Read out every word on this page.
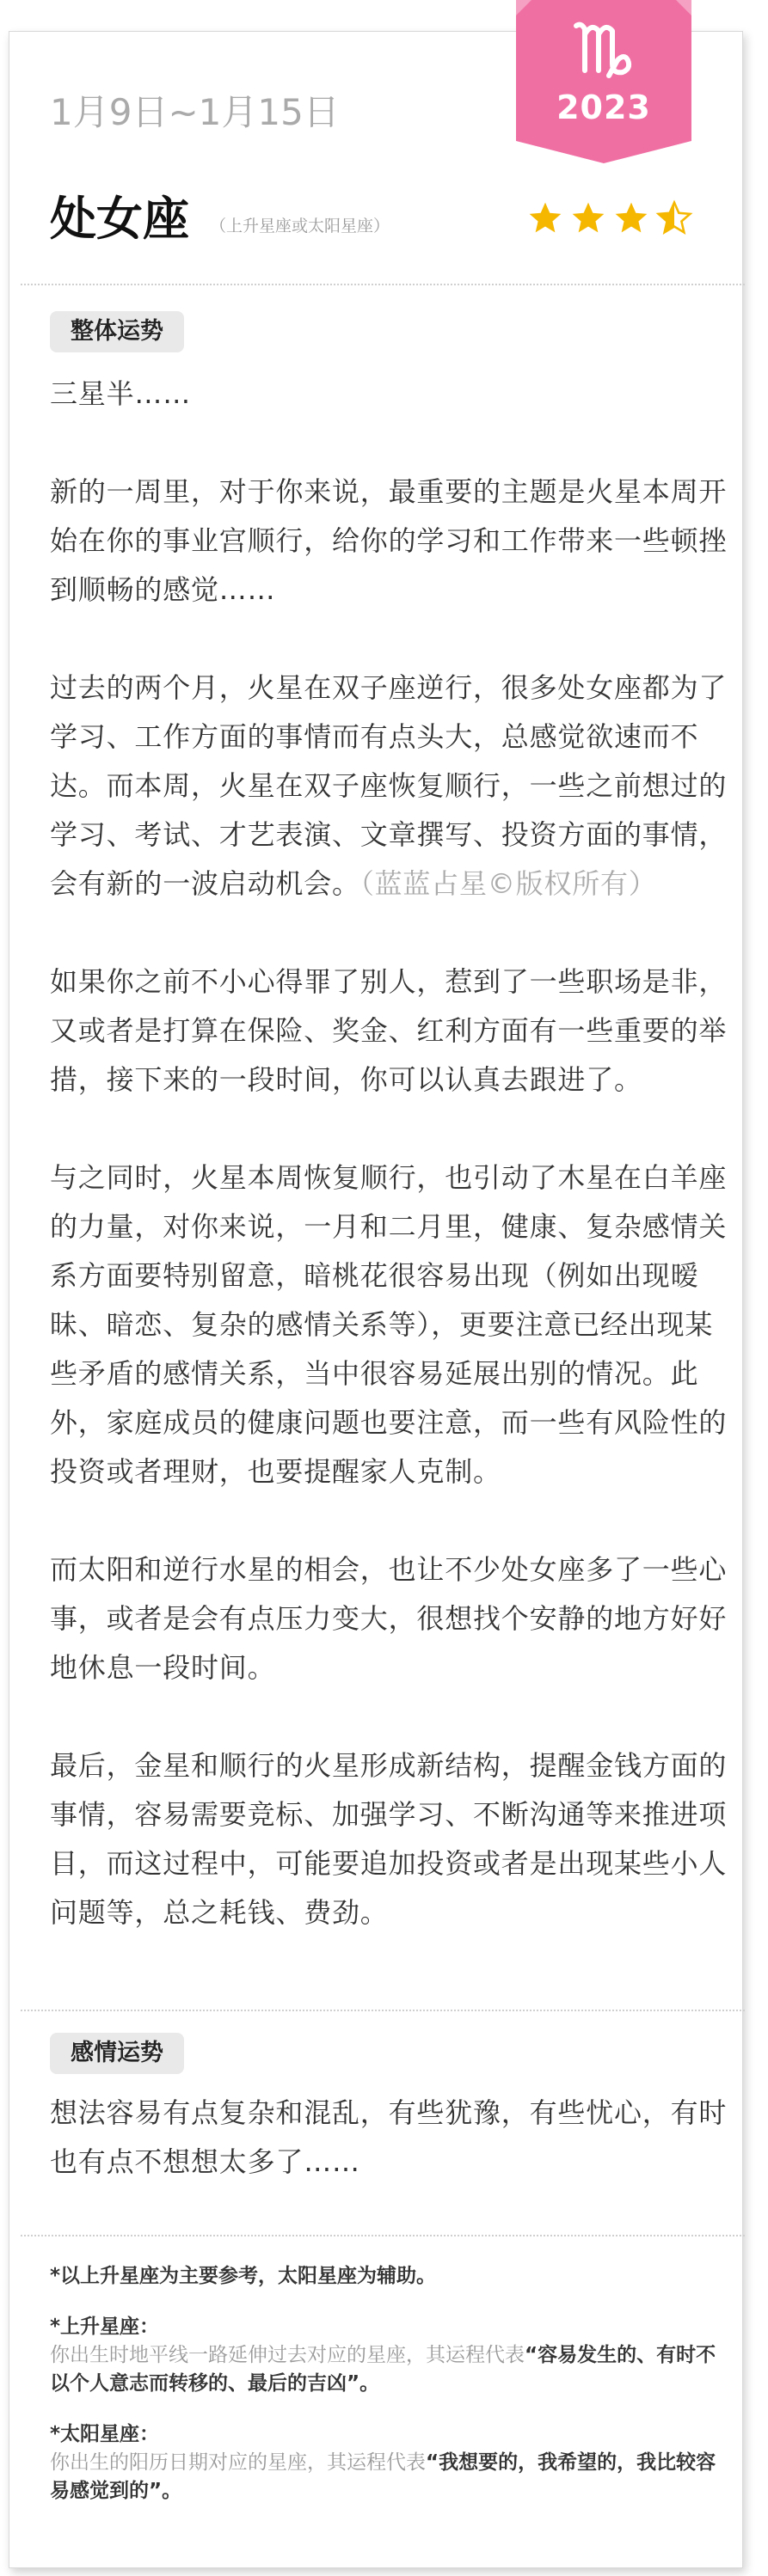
2023
1月9日~1月15日
处女座 （上升星座或太阳星座）
整体运势

三星半……

新的一周里，对于你来说，最重要的主题是火星本周开始在你的事业宫顺行，给你的学习和工作带来一些顿挫到顺畅的感觉……

过去的两个月，火星在双子座逆行，很多处女座都为了学习、工作方面的事情而有点头大，总感觉欲速而不达。而本周，火星在双子座恢复顺行，一些之前想过的学习、考试、才艺表演、文章撰写、投资方面的事情，会有新的一波启动机会。（蓝蓝占星©版权所有）

如果你之前不小心得罪了别人，惹到了一些职场是非，又或者是打算在保险、奖金、红利方面有一些重要的举措，接下来的一段时间，你可以认真去跟进了。

与之同时，火星本周恢复顺行，也引动了木星在白羊座的力量，对你来说，一月和二月里，健康、复杂感情关系方面要特别留意，暗桃花很容易出现（例如出现暧昧、暗恋、复杂的感情关系等），更要注意已经出现某些矛盾的感情关系，当中很容易延展出别的情况。此外，家庭成员的健康问题也要注意，而一些有风险性的投资或者理财，也要提醒家人克制。

而太阳和逆行水星的相会，也让不少处女座多了一些心事，或者是会有点压力变大，很想找个安静的地方好好地休息一段时间。

最后，金星和顺行的火星形成新结构，提醒金钱方面的事情，容易需要竞标、加强学习、不断沟通等来推进项目，而这过程中，可能要追加投资或者是出现某些小人问题等，总之耗钱、费劲。

感情运势

想法容易有点复杂和混乱，有些犹豫，有些忧心，有时也有点不想想太多了……

*以上升星座为主要参考，太阳星座为辅助。
*上升星座：
你出生时地平线一路延伸过去对应的星座，其运程代表“容易发生的、有时不以个人意志而转移的、最后的吉凶”。
*太阳星座：
你出生的阳历日期对应的星座，其运程代表“我想要的，我希望的，我比较容易感觉到的”。
